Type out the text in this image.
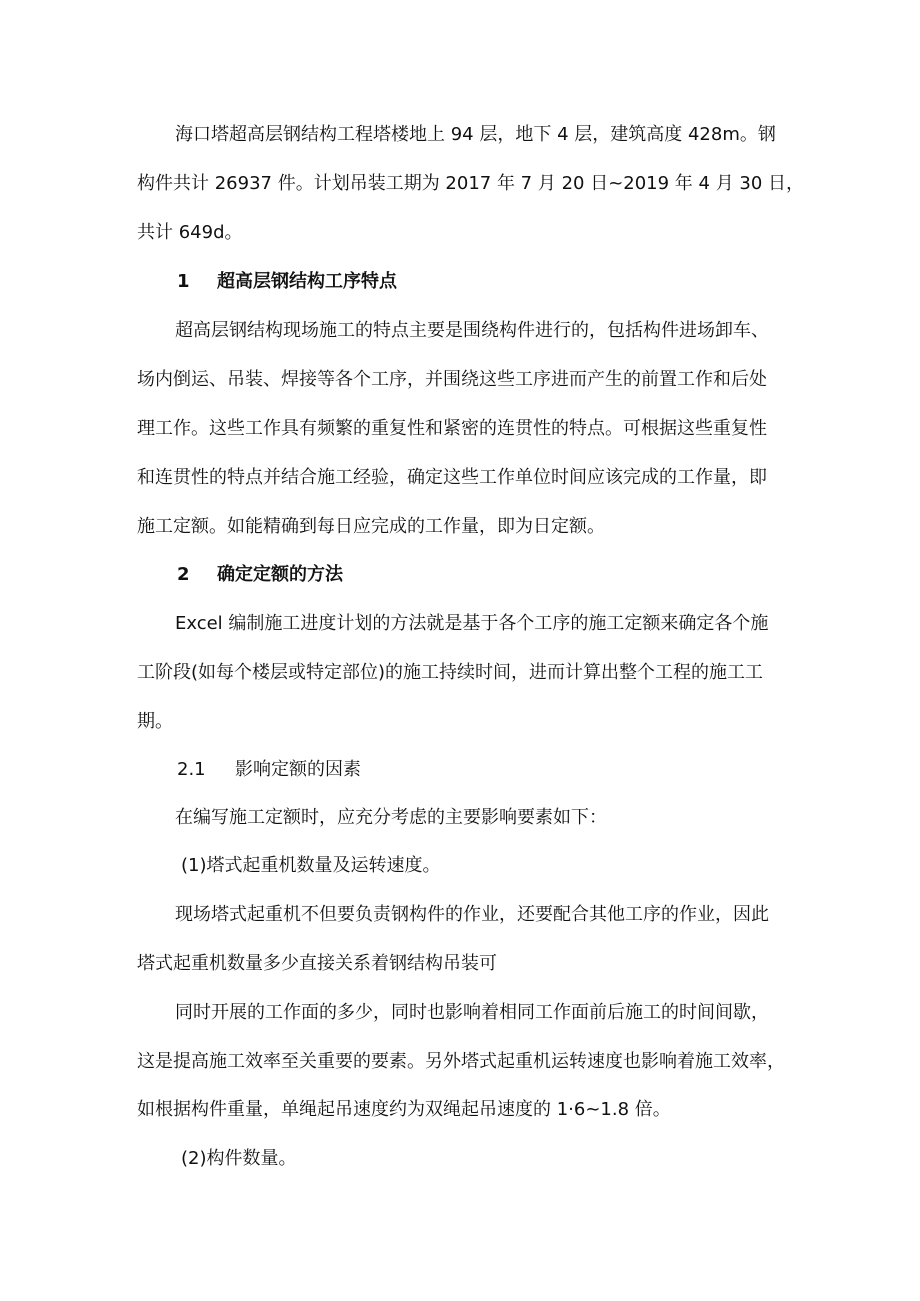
海口塔超高层钢结构工程塔楼地上 94 层，地下 4 层，建筑高度 428m。钢
构件共计 26937 件。计划吊装工期为 2017 年 7 月 20 日~2019 年 4 月 30 日，
共计 649d。
1 超高层钢结构工序特点
超高层钢结构现场施工的特点主要是围绕构件进行的，包括构件进场卸车、
场内倒运、吊装、焊接等各个工序，并围绕这些工序进而产生的前置工作和后处
理工作。这些工作具有频繁的重复性和紧密的连贯性的特点。可根据这些重复性
和连贯性的特点并结合施工经验，确定这些工作单位时间应该完成的工作量，即
施工定额。如能精确到每日应完成的工作量，即为日定额。
2 确定定额的方法
Excel 编制施工进度计划的方法就是基于各个工序的施工定额来确定各个施
工阶段(如每个楼层或特定部位)的施工持续时间，进而计算出整个工程的施工工
期。
2.1 影响定额的因素
在编写施工定额时，应充分考虑的主要影响要素如下：
(1)塔式起重机数量及运转速度。
现场塔式起重机不但要负责钢构件的作业，还要配合其他工序的作业，因此
塔式起重机数量多少直接关系着钢结构吊装可
同时开展的工作面的多少，同时也影响着相同工作面前后施工的时间间歇，
这是提高施工效率至关重要的要素。另外塔式起重机运转速度也影响着施工效率，
如根据构件重量，单绳起吊速度约为双绳起吊速度的 1·6~1.8 倍。
(2)构件数量。
